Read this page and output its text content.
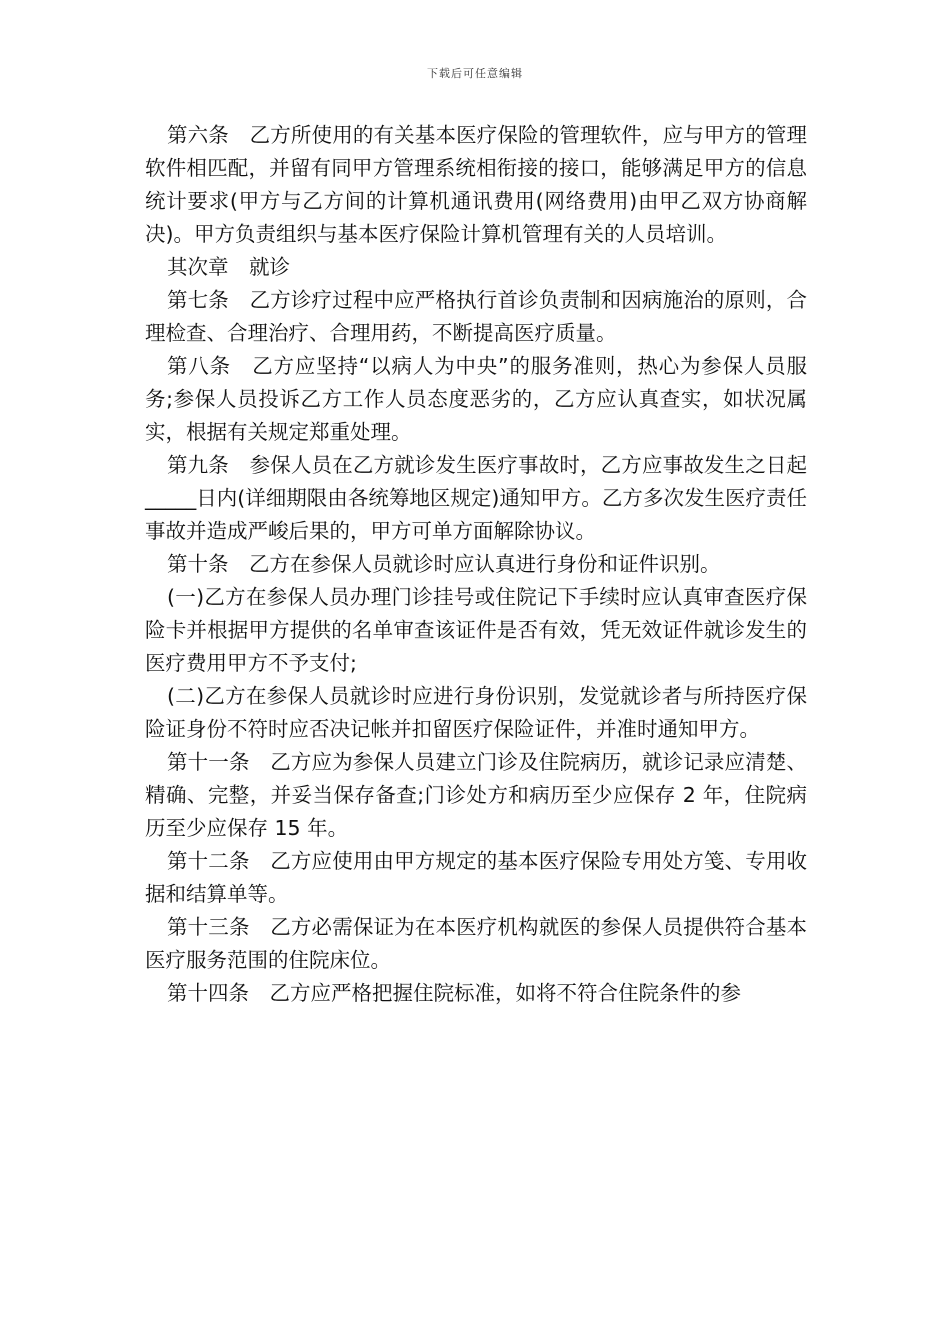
下载后可任意编辑

第六条　乙方所使用的有关基本医疗保险的管理软件，应与甲方的管理软件相匹配，并留有同甲方管理系统相衔接的接口，能够满足甲方的信息统计要求(甲方与乙方间的计算机通讯费用(网络费用)由甲乙双方协商解决)。甲方负责组织与基本医疗保险计算机管理有关的人员培训。

其次章　就诊

第七条　乙方诊疗过程中应严格执行首诊负责制和因病施治的原则，合理检查、合理治疗、合理用药，不断提高医疗质量。

第八条　乙方应坚持“以病人为中央”的服务准则，热心为参保人员服务;参保人员投诉乙方工作人员态度恶劣的，乙方应认真查实，如状况属实，根据有关规定郑重处理。

第九条　参保人员在乙方就诊发生医疗事故时，乙方应事故发生之日起_____日内(详细期限由各统筹地区规定)通知甲方。乙方多次发生医疗责任事故并造成严峻后果的，甲方可单方面解除协议。

第十条　乙方在参保人员就诊时应认真进行身份和证件识别。

(一)乙方在参保人员办理门诊挂号或住院记下手续时应认真审查医疗保险卡并根据甲方提供的名单审查该证件是否有效，凭无效证件就诊发生的医疗费用甲方不予支付;

(二)乙方在参保人员就诊时应进行身份识别，发觉就诊者与所持医疗保险证身份不符时应否决记帐并扣留医疗保险证件，并准时通知甲方。

第十一条　乙方应为参保人员建立门诊及住院病历，就诊记录应清楚、精确、完整，并妥当保存备查;门诊处方和病历至少应保存 2 年，住院病历至少应保存 15 年。

第十二条　乙方应使用由甲方规定的基本医疗保险专用处方笺、专用收据和结算单等。

第十三条　乙方必需保证为在本医疗机构就医的参保人员提供符合基本医疗服务范围的住院床位。

第十四条　乙方应严格把握住院标准，如将不符合住院条件的参
